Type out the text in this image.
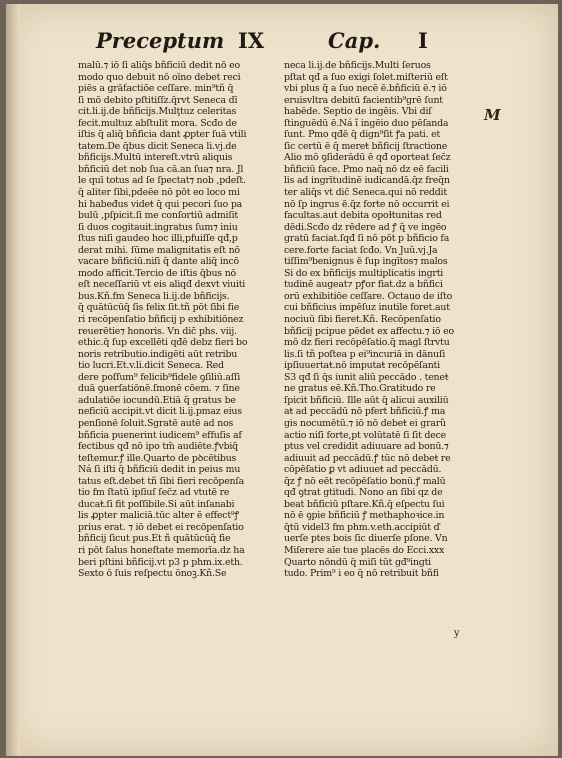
Preceptum IX	Cap. I
malū.⁊ iō ſi aliq̄s bñficiū dedit nō eo
modo quo debuit nō oīno debet reci
piēs a grāťactiōe ceſſare. min⁹tñ q̄
ſi mō debito pſtitiſſz.q̄rvt Seneca dī
cit.li.ij.de bñficijs.Mulţtuz celeritas
fecit.multuz abſtulit mora. Scđo de
iſtis q̄ aliq̄ bñficia dant ꝓpter ſuā vtili
tatem.De q̄bus dicit Seneca li.vj.de
bñficijs.Multū intereſt.vtrū aliquis
bñficiū det nob̄ ſua cā.an ſua⁊ nra. Jl
le quī totus ad ſe ſpectat⁊ nob̄ ,pdeſt.
q̄ aliter ſibi,pdeēe nō pōt eo loco mi
hi habeđus videŧ q̄ qui pecori ſuo pa
bulū ,pſpicit.ſi me conſortiū admiſit
ſi duos cogitauit.ingratus ſum⁊ iniu
ſtus niſi gaudeo hoc illi,pfuiſſe qđ,p
derat mihi. ſūme malignitatis eſt nō
vacare bñficiū.niſi q̄ dante aliq̄ incō
modo afficit.Tercio de iſtis q̄bus nō
eſt neceſſariū vt eis aliqđ dexvt viuiti
bus.Kñ.fm Seneca li.ij.de bñficijs.
q̄ quātūcūq̄ ſis felix ſit.tñ pōt ſibi fie
ri recōpenſatio bñficij p exhibitiōnez
reuerētie⁊ honoris. Vn dic̄ phs. viij.
ethic.q̄ ſup excellēti qđē deb̄z fieri bo
noris retributio.indigēti aūt retribu
tio lucri.Et.v.li.dicit Seneca. Red
dere poſſum⁹ felicib⁹fidele ꝯſiliū.aſſi
duā ꝯuerſatiōnē.ſmonē cōem. ⁊ ſine
adulatiōe iocundū.Etiā q̄ gratus be
neficiū accipit.vt dicit li.ij.pmaz eius
penſionē ſoluit.Sgratē autē ad nos
bñficia puenerint iudicem⁹ effuſis af
fectibus qđ nō ipo tm̄ audiēte.ꝭvbiq̄
teſtemur.ꝭ ille.Quarto de pꝺcētibus
Ná ſi iſti q̄ bñficiū dedit in peius mu
tatus eſt.debet tñ ſibi fieri recōpenſa
tio fm ſtatū ipſiuſ ſec̄z ad vtutē re
ducaŧ.ſi fit poſſibile.Si aūt inſanabi
lis ꝓpter maliciā.tūc alter ē effect⁹ꝭ
prius erat. ⁊ iō debet ei recōpenſatio
bñficij ſicut pus.Et ñ quātūcūq̄ fie
ri pōt ſalus honeſtate memorīa.dz ha
beri pſtini bñficij.vt p3 p phm.ix.eth.
Sexto ō ſuis reſpectu ōnoꝫ.Kñ.Se
neca li.ij.de bñficijs.Multi ſeruos
pſtat qđ a ſuo exigi ſolet.miſteriū eſt
vbi plus q̄ a ſuo necē ē.bñficiū ē.⁊ iō
eruisvltra debitū facientib⁹grē ſunt
habēde. Septio de ingēis. Vbi diſ
ſtinguēdū ē.Ná ĩ ingēio duo pēſanda
ſunt. Pmo qđē q̄ dign⁹ſit ꝭa pati. et
ſic certū ē q̄ mereŧ bñficij ſtractione
Alio mō ꝯſiderādū ē qđ oporteat ſec̄z
bñficiū face. Pmo naq̄ nō dz eē facili
lis ad ingrītudinē iudicandā.q̄z freq̄n
ter aliq̄s vt dic̄ Seneca.qui nō reddit
nō ſp ingrus ē.q̄z forte nō occurrit ei
facultas.aut debita opoɫtunitas red
dēdi.Scđo dz rēdere ad ꝭ q̄ ve ingēo
gratū faciat.ſqđ ſi nō pōt p bñficio fa
cere.forte faciat ſcđo. Vn Juŭ.vj.Ja
tiſſim⁹benignus ē ſup ingītos⁊ malos
Si do ex bñficijs multiplicatis ingrti
tudinē augeat⁊ pꝭor fiat.dz a bñfici
orū exhibitiōe ceſſare. Octauo de iſto
cui bñficius impēſuz inutile foret.aut
nociuū ſibi fieret.Kñ. Recōpenſatio
bñficij pcipue pēdet ex affectu.⁊ iō eo
mō dz fieri recōpēſatio.q̄ magl ſtrvtu
lis.ſi tñ poſtea p ei⁹incuriā in dānuſi
ipſiuuertaŧ.nō imputaŧ recōpēſanti
S3 qđ ſi q̄s iunit aliū peccādo . teneŧ
ne gratus eē.Kñ.Tho.Gratitudo re
ſpicit bñficiū. Ille aūt q̄ alicui auxiliū
aŧ ad peccādū nō pfert bñficiū.ꝭ ma
gis nocumētū.⁊ iō nō debeŧ ei grarũ
actio niſi forte,pt volūtatē ſi ſit dece
ptus vel credidit adiuuare ad bonū.⁊
adiuuit ad peccādū.ꝭ tūc nō debeŧ re
cōpēſatio ꝑ vt adiuueŧ ad peccādū.
q̄z ꝭ nō eēt recōpēſatio bonū.ꝭ malū
qđ ꝯtrat̄ gtitudi. Nono an ſibi qz de
beat bñficiū pſtare.Kñ.q̄ eſpectu ſui
nō ē ꝯpie bñficiū ꝭ methaphoꝛice.in
q̄tū videl3 fm phm.v.eth.accipiūt ď
uerſe ptes bois ſic diuerſe pſone. Vn
Miſerere aīe tue placēs do Ecci.xxx
Quarto nōndū q̄ miſi tūt gđ⁹ingti
tudo. Prim⁹ i eo q̄ nō retribuit bñfi
M
y
